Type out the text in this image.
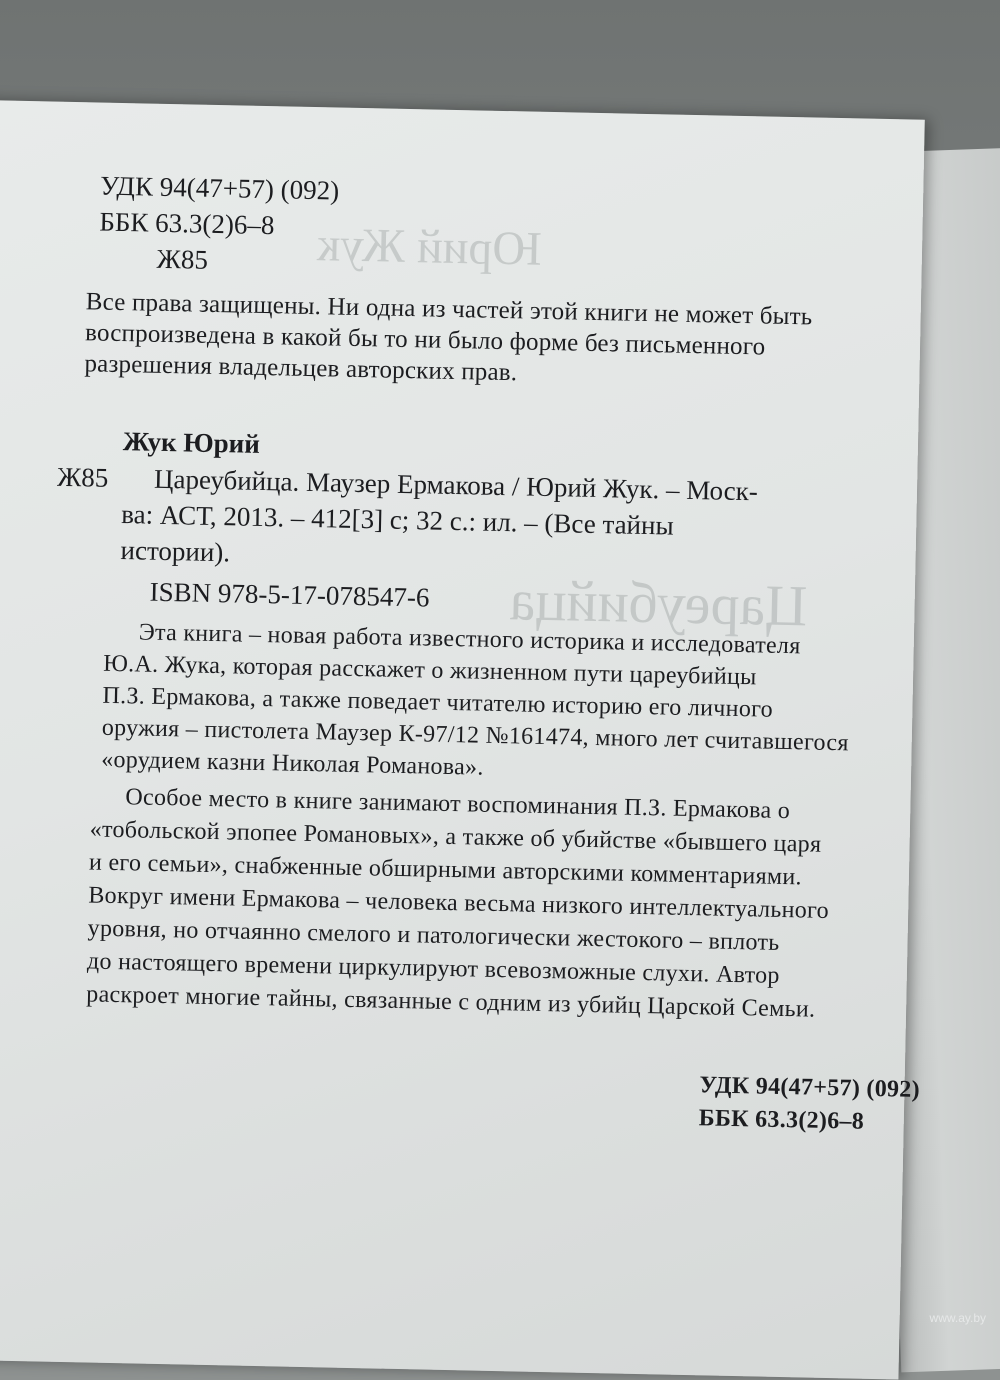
Юрий Жук
Цареубийца
УДК 94(47+57) (092)
ББК 63.3(2)6–8
Ж85
Все права защищены. Ни одна из частей этой книги не может быть
воспроизведена в какой бы то ни было форме без письменного
разрешения владельцев авторских прав.
Жук Юрий
Ж85 Цареубийца. Маузер Ермакова / Юрий Жук. – Моск-
ва: АСТ, 2013. – 412[3] с; 32 с.: ил. – (Все тайны
истории).
ISBN 978-5-17-078547-6
Эта книга – новая работа известного историка и исследователя
Ю.А. Жука, которая расскажет о жизненном пути цареубийцы
П.З. Ермакова, а также поведает читателю историю его личного
оружия – пистолета Маузер К-97/12 №161474, много лет считавшегося
«орудием казни Николая Романова».
Особое место в книге занимают воспоминания П.З. Ермакова о
«тобольской эпопее Романовых», а также об убийстве «бывшего царя
и его семьи», снабженные обширными авторскими комментариями.
Вокруг имени Ермакова – человека весьма низкого интеллектуального
уровня, но отчаянно смелого и патологически жестокого – вплоть
до настоящего времени циркулируют всевозможные слухи. Автор
раскроет многие тайны, связанные с одним из убийц Царской Семьи.
УДК 94(47+57) (092)
ББК 63.3(2)6–8
www.ay.by
